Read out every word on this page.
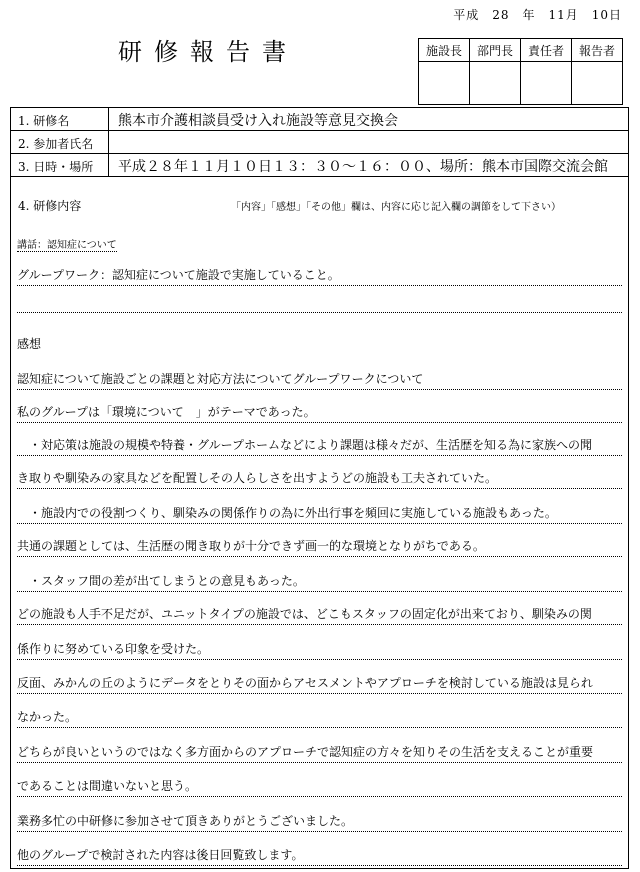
平成　28　年　11月　10日
研修報告書	施設長	部門長	責任者	報告者

1. 研修名	熊本市介護相談員受け入れ施設等意見交換会
2. 参加者氏名
3. 日時・場所 平成２８年１１月１０日１３：３０～１６：００、場所：熊本市国際交流会館
4. 研修内容	「内容」「感想」「その他」欄は、内容に応じ記入欄の調節をして下さい）
講話：認知症について
グループワーク：認知症について施設で実施していること。
感想
認知症について施設ごとの課題と対応方法についてグループワークについて
私のグループは「環境について　」がテーマであった。
　・対応策は施設の規模や特養・グループホームなどにより課題は様々だが、生活歴を知る為に家族への聞
き取りや馴染みの家具などを配置しその人らしさを出すようどの施設も工夫されていた。
　・施設内での役割つくり、馴染みの関係作りの為に外出行事を頻回に実施している施設もあった。
共通の課題としては、生活歴の聞き取りが十分できず画一的な環境となりがちである。
　・スタッフ間の差が出てしまうとの意見もあった。
どの施設も人手不足だが、ユニットタイプの施設では、どこもスタッフの固定化が出来ており、馴染みの関
係作りに努めている印象を受けた。
反面、みかんの丘のようにデータをとりその面からアセスメントやアプローチを検討している施設は見られ
なかった。
どちらが良いというのではなく多方面からのアプローチで認知症の方々を知りその生活を支えることが重要
であることは間違いないと思う。
業務多忙の中研修に参加させて頂きありがとうございました。
他のグループで検討された内容は後日回覧致します。
